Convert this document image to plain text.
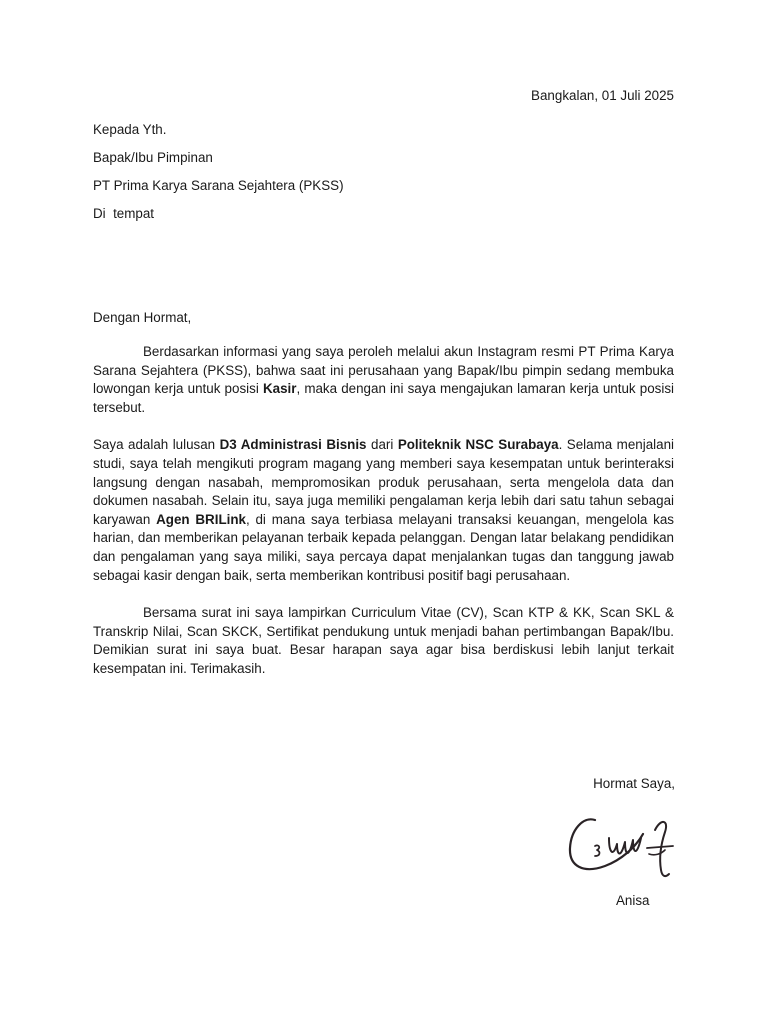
Bangkalan, 01 Juli 2025
Kepada Yth.
Bapak/Ibu Pimpinan
PT Prima Karya Sarana Sejahtera (PKSS)
Di  tempat
Dengan Hormat,

Berdasarkan informasi yang saya peroleh melalui akun Instagram resmi PT Prima Karya Sarana Sejahtera (PKSS), bahwa saat ini perusahaan yang Bapak/Ibu pimpin sedang membuka lowongan kerja untuk posisi Kasir, maka dengan ini saya mengajukan lamaran kerja untuk posisi tersebut.

Saya adalah lulusan D3 Administrasi Bisnis dari Politeknik NSC Surabaya. Selama menjalani studi, saya telah mengikuti program magang yang memberi saya kesempatan untuk berinteraksi langsung dengan nasabah, mempromosikan produk perusahaan, serta mengelola data dan dokumen nasabah. Selain itu, saya juga memiliki pengalaman kerja lebih dari satu tahun sebagai karyawan Agen BRILink, di mana saya terbiasa melayani transaksi keuangan, mengelola kas harian, dan memberikan pelayanan terbaik kepada pelanggan. Dengan latar belakang pendidikan dan pengalaman yang saya miliki, saya percaya dapat menjalankan tugas dan tanggung jawab sebagai kasir dengan baik, serta memberikan kontribusi positif bagi perusahaan.

Bersama surat ini saya lampirkan Curriculum Vitae (CV), Scan KTP & KK, Scan SKL & Transkrip Nilai, Scan SKCK, Sertifikat pendukung untuk menjadi bahan pertimbangan Bapak/Ibu. Demikian surat ini saya buat. Besar harapan saya agar bisa berdiskusi lebih lanjut terkait kesempatan ini. Terimakasih.

Hormat Saya,
Anisa
